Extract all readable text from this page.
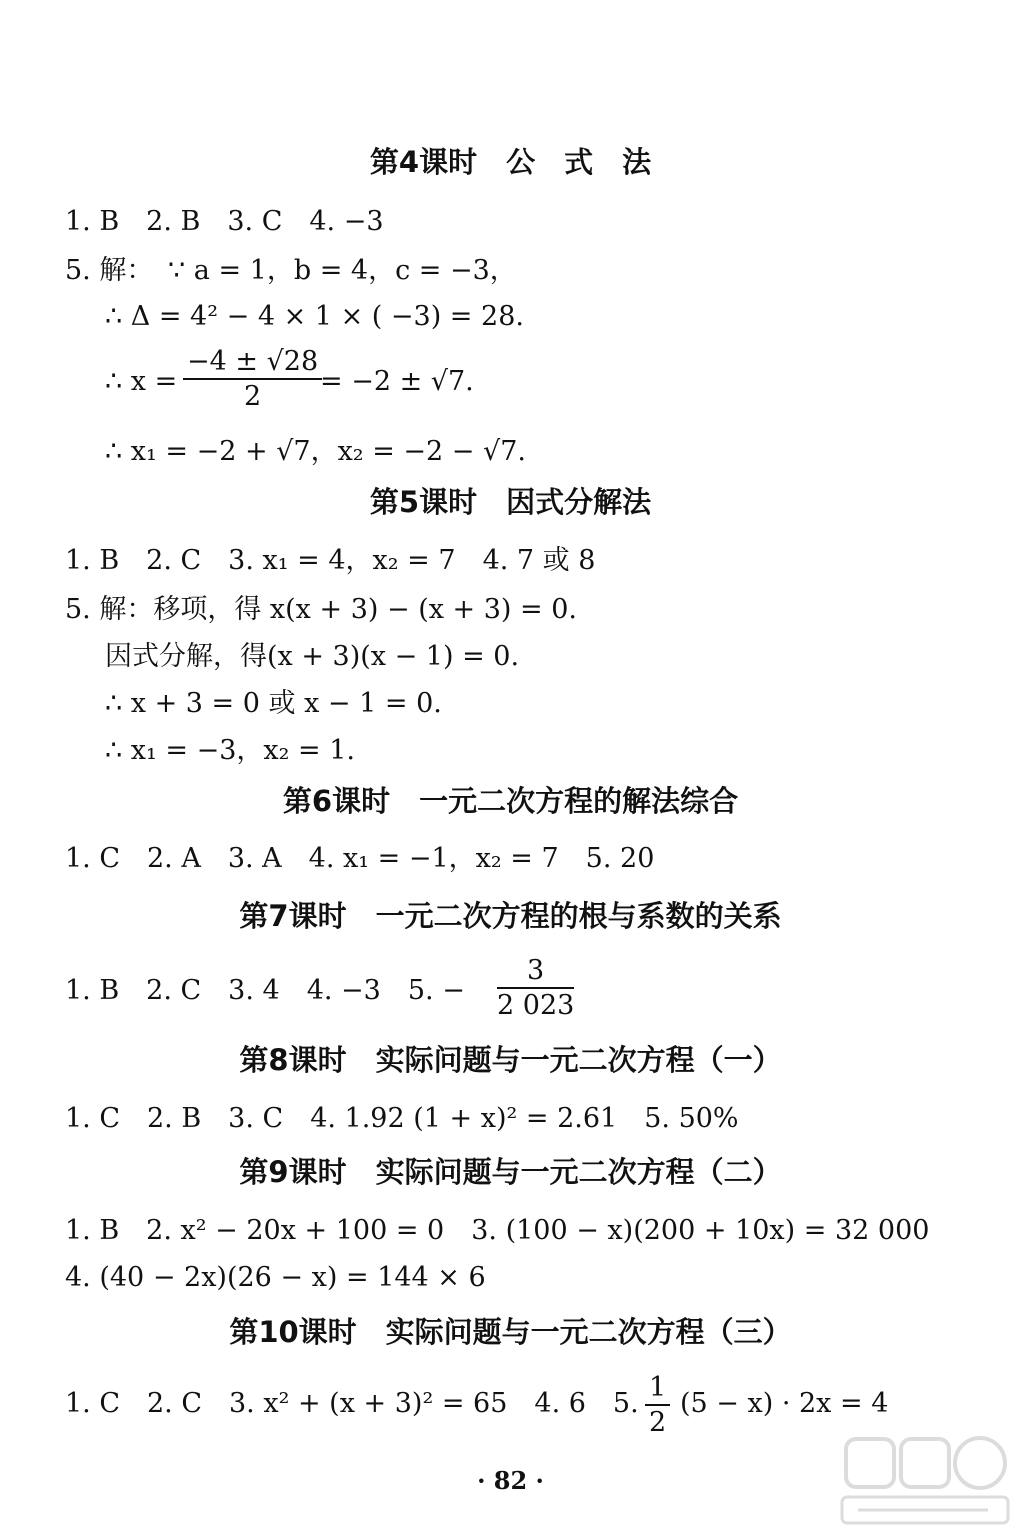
第4课时　公　式　法
1. B　2. B　3. C　4. −3
5. 解： ∵ a = 1，b = 4，c = −3，
∴ Δ = 4² − 4 × 1 × ( −3) = 28.
∴ x =
−4 ± √28
2	= −2 ± √7.
∴ x₁ = −2 + √7，x₂ = −2 − √7.
第5课时　因式分解法
1. B　2. C　3. x₁ = 4，x₂ = 7　4. 7 或 8
5. 解：移项，得 x(x + 3) − (x + 3) = 0.
因式分解，得(x + 3)(x − 1) = 0.
∴ x + 3 = 0 或 x − 1 = 0.
∴ x₁ = −3，x₂ = 1.
第6课时　一元二次方程的解法综合
1. C　2. A　3. A　4. x₁ = −1，x₂ = 7　5. 20
第7课时　一元二次方程的根与系数的关系
1. B　2. C　3. 4　4. −3　5. −
3
2 023
第8课时　实际问题与一元二次方程（一）
1. C　2. B　3. C　4. 1.92 (1 + x)² = 2.61　5. 50%
第9课时　实际问题与一元二次方程（二）
1. B　2. x² − 20x + 100 = 0　3. (100 − x)(200 + 10x) = 32 000
4. (40 − 2x)(26 − x) = 144 × 6
第10课时　实际问题与一元二次方程（三）
1. C　2. C　3. x² + (x + 3)² = 65　4. 6　5.
1
2
(5 − x) · 2x = 4
· 82 ·
